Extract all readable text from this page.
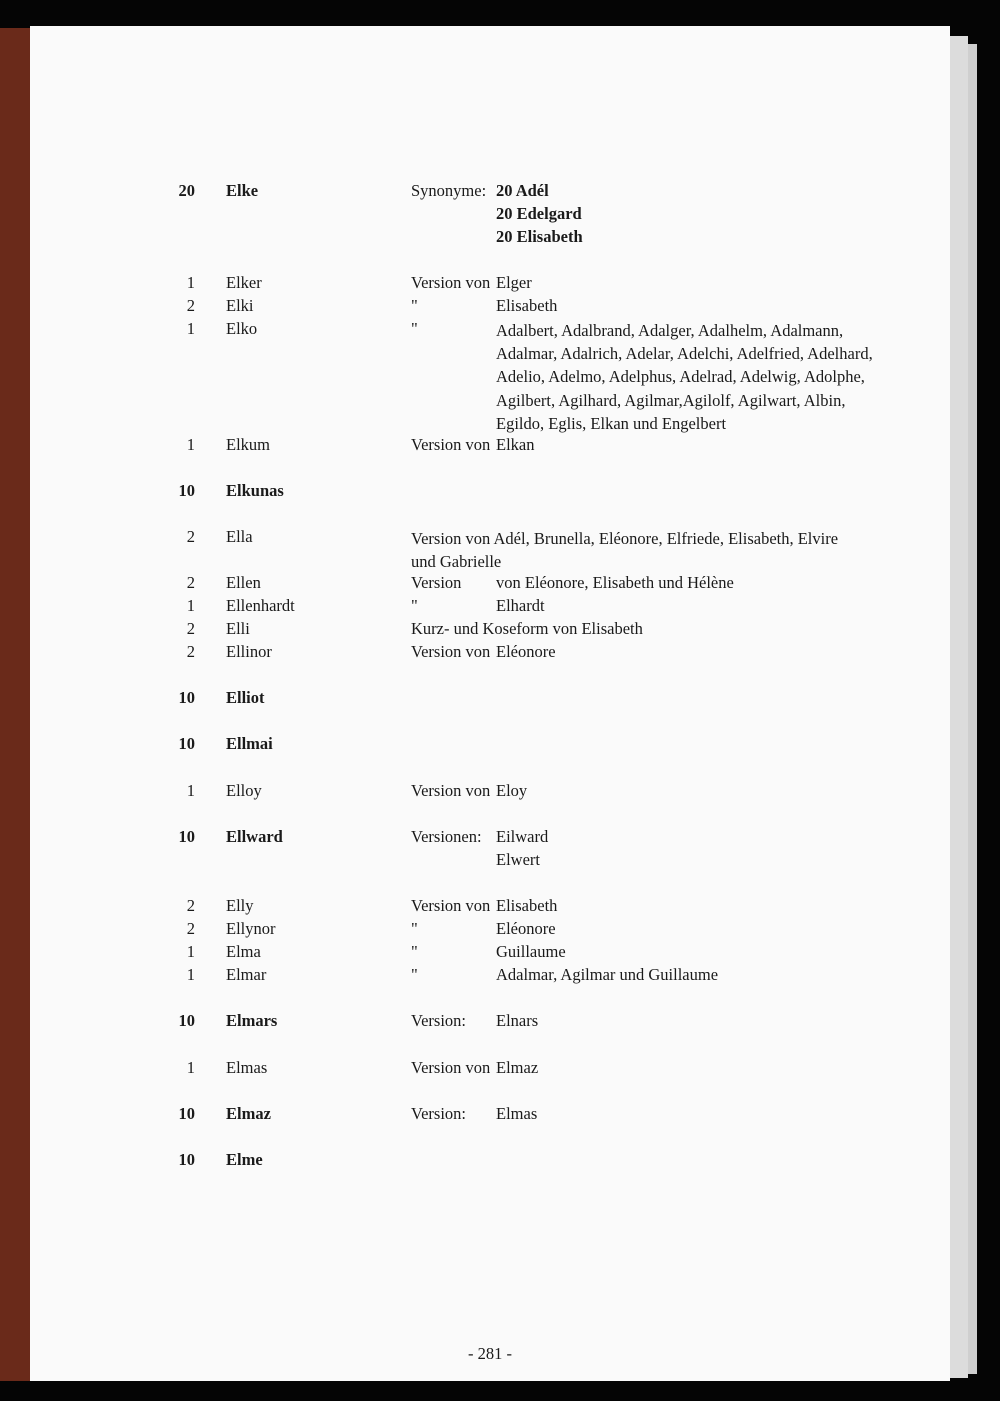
20 Elke	Synonyme: 20 Adél
20 Edelgard
20 Elisabeth
1 Elker	Version von Elger
2 Elki	"	Elisabeth
1 Elko	"	Adalbert, Adalbrand, Adalger, Adalhelm, Adalmann, Adalmar, Adalrich, Adelar, Adelchi, Adelfried, Adelhard, Adelio, Adelmo, Adelphus, Adelrad, Adelwig, Adolphe, Agilbert, Agilhard, Agilmar,Agilolf, Agilwart, Albin, Egildo, Eglis, Elkan und Engelbert
1 Elkum	Version von Elkan
10 Elkunas
2 Ella	Version von Adél, Brunella, Eléonore, Elfriede, Elisabeth, Elvire und Gabrielle
2 Ellen	Version von Eléonore, Elisabeth und Hélène
1 Ellenhardt	"	Elhardt
2 Elli	Kurz- und Koseform von Elisabeth
2 Ellinor	Version von Eléonore
10 Elliot
10 Ellmai
1 Elloy	Version von Eloy
10 Ellward	Versionen: Eilward
Elwert
2 Elly	Version von Elisabeth
2 Ellynor	"	Eléonore
1 Elma	"	Guillaume
1 Elmar	"	Adalmar, Agilmar und Guillaume
10 Elmars	Version: Elnars
1 Elmas	Version von Elmaz
10 Elmaz	Version: Elmas
10 Elme
- 281 -
